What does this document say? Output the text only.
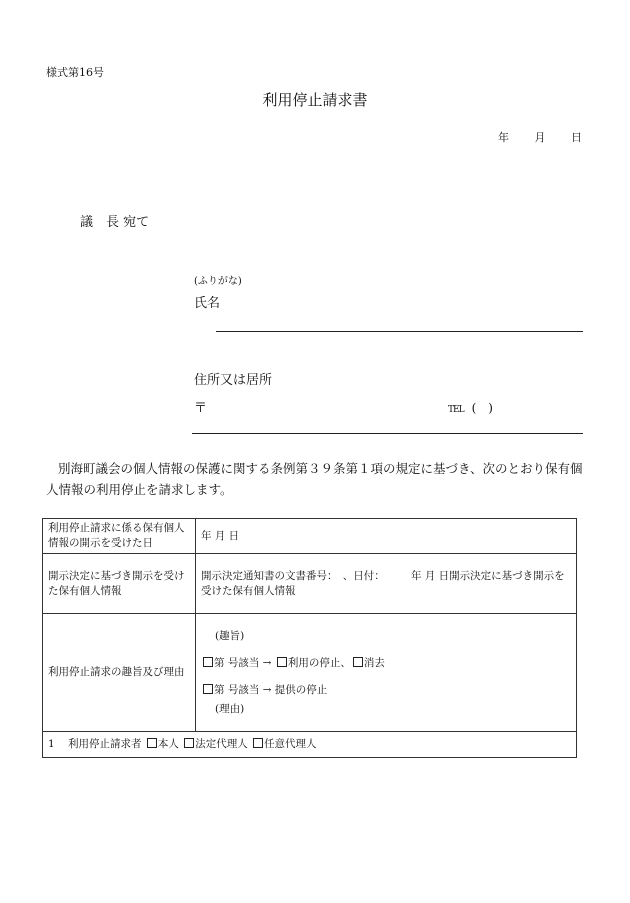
様式第16号
利用停止請求書
年 月 日
議　長 宛て
(ふりがな)
氏名
住所又は居所
〒	TEL (　)
別海町議会の個人情報の保護に関する条例第３９条第１項の規定に基づき、次のとおり保有個人情報の利用停止を請求します。
利用停止請求に係る保有個人情報の開示を受けた日	年 月 日
開示決定に基づき開示を受けた保有個人情報	開示決定通知書の文書番号：　、日付：　　　年 月 日開示決定に基づき開示を受けた保有個人情報
利用停止請求の趣旨及び理由	(趣旨)
第 号該当 → 利用の停止、 消去
第 号該当 → 提供の停止
(理由)

1 利用停止請求者 本人 法定代理人 任意代理人	
